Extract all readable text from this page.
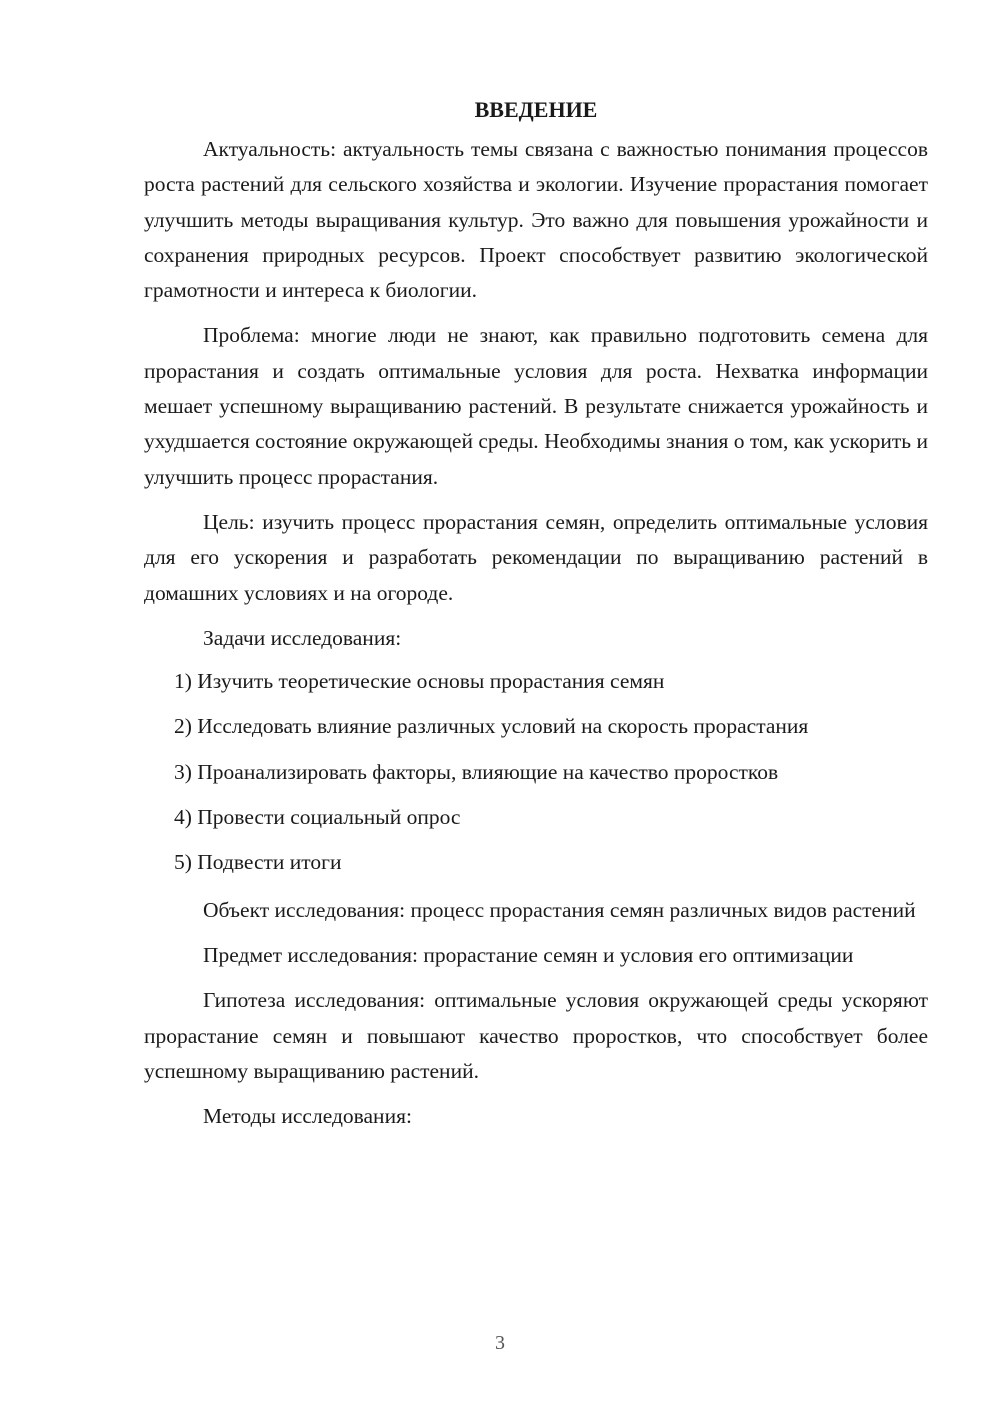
ВВЕДЕНИЕ

Актуальность: актуальность темы связана с важностью понимания процессов роста растений для сельского хозяйства и экологии. Изучение прорастания помогает улучшить методы выращивания культур. Это важно для повышения урожайности и сохранения природных ресурсов. Проект способствует развитию экологической грамотности и интереса к биологии.

Проблема: многие люди не знают, как правильно подготовить семена для прорастания и создать оптимальные условия для роста. Нехватка информации мешает успешному выращиванию растений. В результате снижается урожайность и ухудшается состояние окружающей среды. Необходимы знания о том, как ускорить и улучшить процесс прорастания.

Цель: изучить процесс прорастания семян, определить оптимальные условия для его ускорения и разработать рекомендации по выращиванию растений в домашних условиях и на огороде.

Задачи исследования:

1) Изучить теоретические основы прорастания семян
2) Исследовать влияние различных условий на скорость прорастания
3) Проанализировать факторы, влияющие на качество проростков
4) Провести социальный опрос
5) Подвести итоги

Объект исследования: процесс прорастания семян различных видов растений

Предмет исследования: прорастание семян и условия его оптимизации

Гипотеза исследования: оптимальные условия окружающей среды ускоряют прорастание семян и повышают качество проростков, что способствует более успешному выращиванию растений.

Методы исследования:

3
